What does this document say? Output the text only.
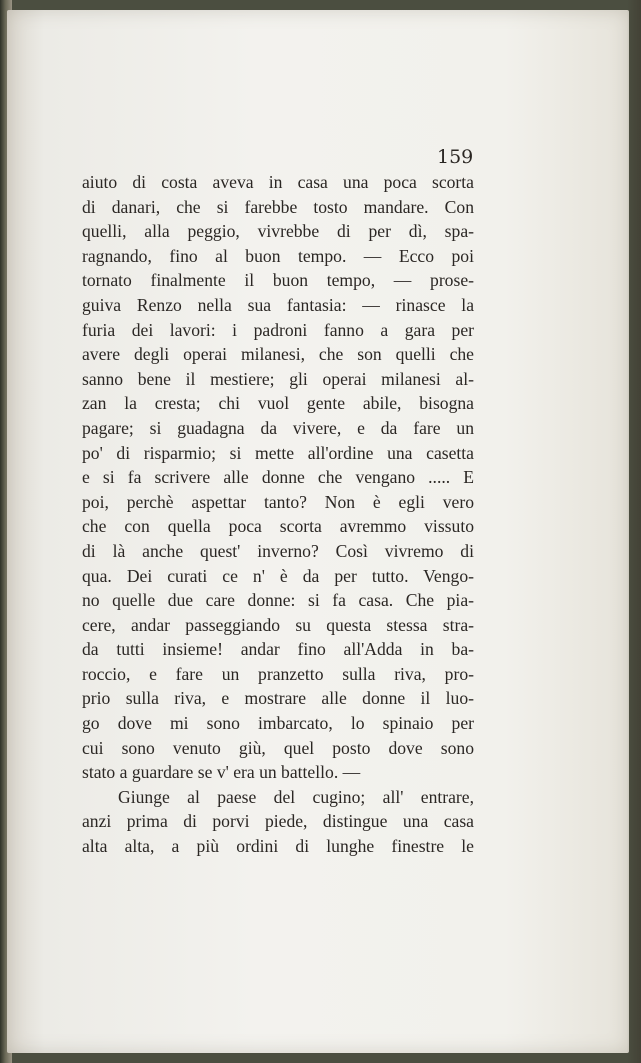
159

aiuto di costa aveva in casa una poca scorta
di danari, che si farebbe tosto mandare. Con
quelli, alla peggio, vivrebbe di per dì, spa-
ragnando, fino al buon tempo. — Ecco poi
tornato finalmente il buon tempo, — prose-
guiva Renzo nella sua fantasia: — rinasce la
furia dei lavori: i padroni fanno a gara per
avere degli operai milanesi, che son quelli che
sanno bene il mestiere; gli operai milanesi al-
zan la cresta; chi vuol gente abile, bisogna
pagare; si guadagna da vivere, e da fare un
po' di risparmio; si mette all'ordine una casetta
e si fa scrivere alle donne che vengano ..... E
poi, perchè aspettar tanto? Non è egli vero
che con quella poca scorta avremmo vissuto
di là anche quest' inverno? Così vivremo di
qua. Dei curati ce n' è da per tutto. Vengo-
no quelle due care donne: si fa casa. Che pia-
cere, andar passeggiando su questa stessa stra-
da tutti insieme! andar fino all'Adda in ba-
roccio, e fare un pranzetto sulla riva, pro-
prio sulla riva, e mostrare alle donne il luo-
go dove mi sono imbarcato, lo spinaio per
cui sono venuto giù, quel posto dove sono
stato a guardare se v' era un battello. —
Giunge al paese del cugino; all' entrare,
anzi prima di porvi piede, distingue una casa
alta alta, a più ordini di lunghe finestre le
